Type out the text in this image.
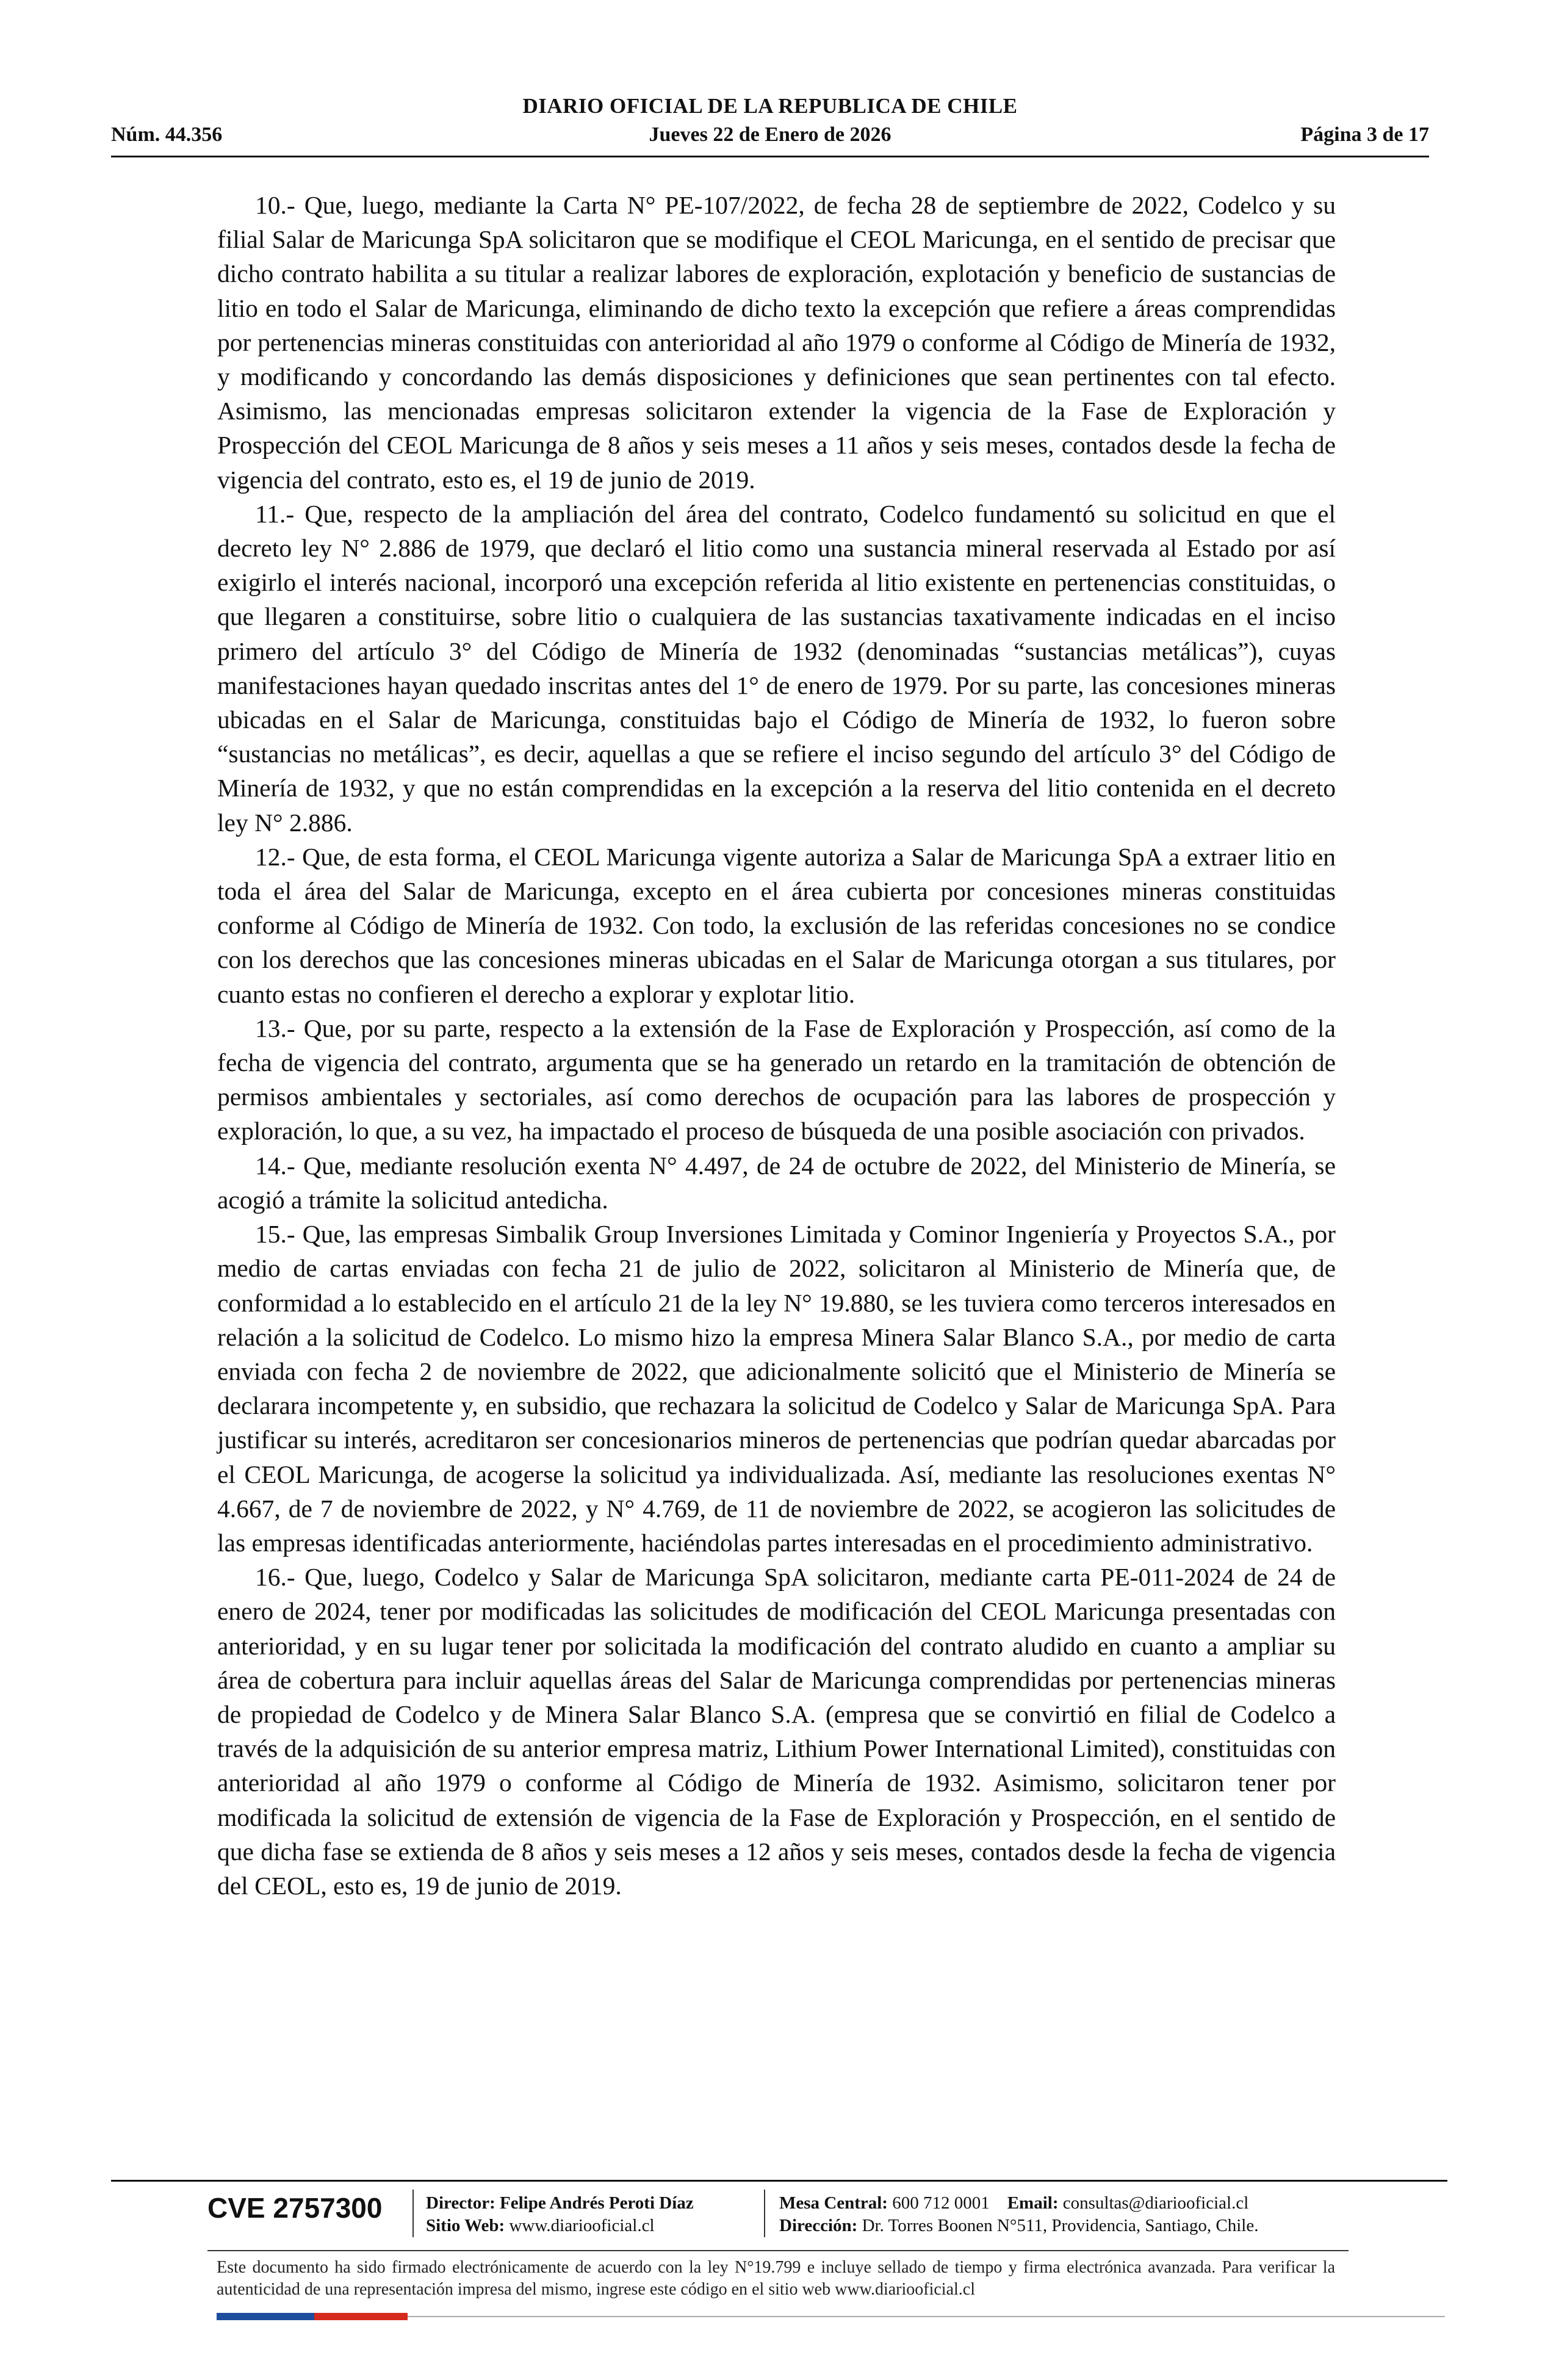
DIARIO OFICIAL DE LA REPUBLICA DE CHILE
Núm. 44.356	Jueves 22 de Enero de 2026	Página 3 de 17

10.- Que, luego, mediante la Carta N° PE-107/2022, de fecha 28 de septiembre de 2022, Codelco y su filial Salar de Maricunga SpA solicitaron que se modifique el CEOL Maricunga, en el sentido de precisar que dicho contrato habilita a su titular a realizar labores de exploración, explotación y beneficio de sustancias de litio en todo el Salar de Maricunga, eliminando de dicho texto la excepción que refiere a áreas comprendidas por pertenencias mineras constituidas con anterioridad al año 1979 o conforme al Código de Minería de 1932, y modificando y concordando las demás disposiciones y definiciones que sean pertinentes con tal efecto. Asimismo, las mencionadas empresas solicitaron extender la vigencia de la Fase de Exploración y Prospección del CEOL Maricunga de 8 años y seis meses a 11 años y seis meses, contados desde la fecha de vigencia del contrato, esto es, el 19 de junio de 2019.

11.- Que, respecto de la ampliación del área del contrato, Codelco fundamentó su solicitud en que el decreto ley N° 2.886 de 1979, que declaró el litio como una sustancia mineral reservada al Estado por así exigirlo el interés nacional, incorporó una excepción referida al litio existente en pertenencias constituidas, o que llegaren a constituirse, sobre litio o cualquiera de las sustancias taxativamente indicadas en el inciso primero del artículo 3° del Código de Minería de 1932 (denominadas “sustancias metálicas”), cuyas manifestaciones hayan quedado inscritas antes del 1° de enero de 1979. Por su parte, las concesiones mineras ubicadas en el Salar de Maricunga, constituidas bajo el Código de Minería de 1932, lo fueron sobre “sustancias no metálicas”, es decir, aquellas a que se refiere el inciso segundo del artículo 3° del Código de Minería de 1932, y que no están comprendidas en la excepción a la reserva del litio contenida en el decreto ley N° 2.886.

12.- Que, de esta forma, el CEOL Maricunga vigente autoriza a Salar de Maricunga SpA a extraer litio en toda el área del Salar de Maricunga, excepto en el área cubierta por concesiones mineras constituidas conforme al Código de Minería de 1932. Con todo, la exclusión de las referidas concesiones no se condice con los derechos que las concesiones mineras ubicadas en el Salar de Maricunga otorgan a sus titulares, por cuanto estas no confieren el derecho a explorar y explotar litio.

13.- Que, por su parte, respecto a la extensión de la Fase de Exploración y Prospección, así como de la fecha de vigencia del contrato, argumenta que se ha generado un retardo en la tramitación de obtención de permisos ambientales y sectoriales, así como derechos de ocupación para las labores de prospección y exploración, lo que, a su vez, ha impactado el proceso de búsqueda de una posible asociación con privados.

14.- Que, mediante resolución exenta N° 4.497, de 24 de octubre de 2022, del Ministerio de Minería, se acogió a trámite la solicitud antedicha.

15.- Que, las empresas Simbalik Group Inversiones Limitada y Cominor Ingeniería y Proyectos S.A., por medio de cartas enviadas con fecha 21 de julio de 2022, solicitaron al Ministerio de Minería que, de conformidad a lo establecido en el artículo 21 de la ley N° 19.880, se les tuviera como terceros interesados en relación a la solicitud de Codelco. Lo mismo hizo la empresa Minera Salar Blanco S.A., por medio de carta enviada con fecha 2 de noviembre de 2022, que adicionalmente solicitó que el Ministerio de Minería se declarara incompetente y, en subsidio, que rechazara la solicitud de Codelco y Salar de Maricunga SpA. Para justificar su interés, acreditaron ser concesionarios mineros de pertenencias que podrían quedar abarcadas por el CEOL Maricunga, de acogerse la solicitud ya individualizada. Así, mediante las resoluciones exentas N° 4.667, de 7 de noviembre de 2022, y N° 4.769, de 11 de noviembre de 2022, se acogieron las solicitudes de las empresas identificadas anteriormente, haciéndolas partes interesadas en el procedimiento administrativo.

16.- Que, luego, Codelco y Salar de Maricunga SpA solicitaron, mediante carta PE-011-2024 de 24 de enero de 2024, tener por modificadas las solicitudes de modificación del CEOL Maricunga presentadas con anterioridad, y en su lugar tener por solicitada la modificación del contrato aludido en cuanto a ampliar su área de cobertura para incluir aquellas áreas del Salar de Maricunga comprendidas por pertenencias mineras de propiedad de Codelco y de Minera Salar Blanco S.A. (empresa que se convirtió en filial de Codelco a través de la adquisición de su anterior empresa matriz, Lithium Power International Limited), constituidas con anterioridad al año 1979 o conforme al Código de Minería de 1932. Asimismo, solicitaron tener por modificada la solicitud de extensión de vigencia de la Fase de Exploración y Prospección, en el sentido de que dicha fase se extienda de 8 años y seis meses a 12 años y seis meses, contados desde la fecha de vigencia del CEOL, esto es, 19 de junio de 2019.

CVE 2757300 Director: Felipe Andrés Peroti Díaz
Sitio Web: www.diariooficial.cl
Mesa Central: 600 712 0001 Email: consultas@diariooficial.cl
Dirección: Dr. Torres Boonen N°511, Providencia, Santiago, Chile.
Este documento ha sido firmado electrónicamente de acuerdo con la ley N°19.799 e incluye sellado de tiempo y firma electrónica avanzada. Para verificar la autenticidad de una representación impresa del mismo, ingrese este código en el sitio web www.diariooficial.cl
